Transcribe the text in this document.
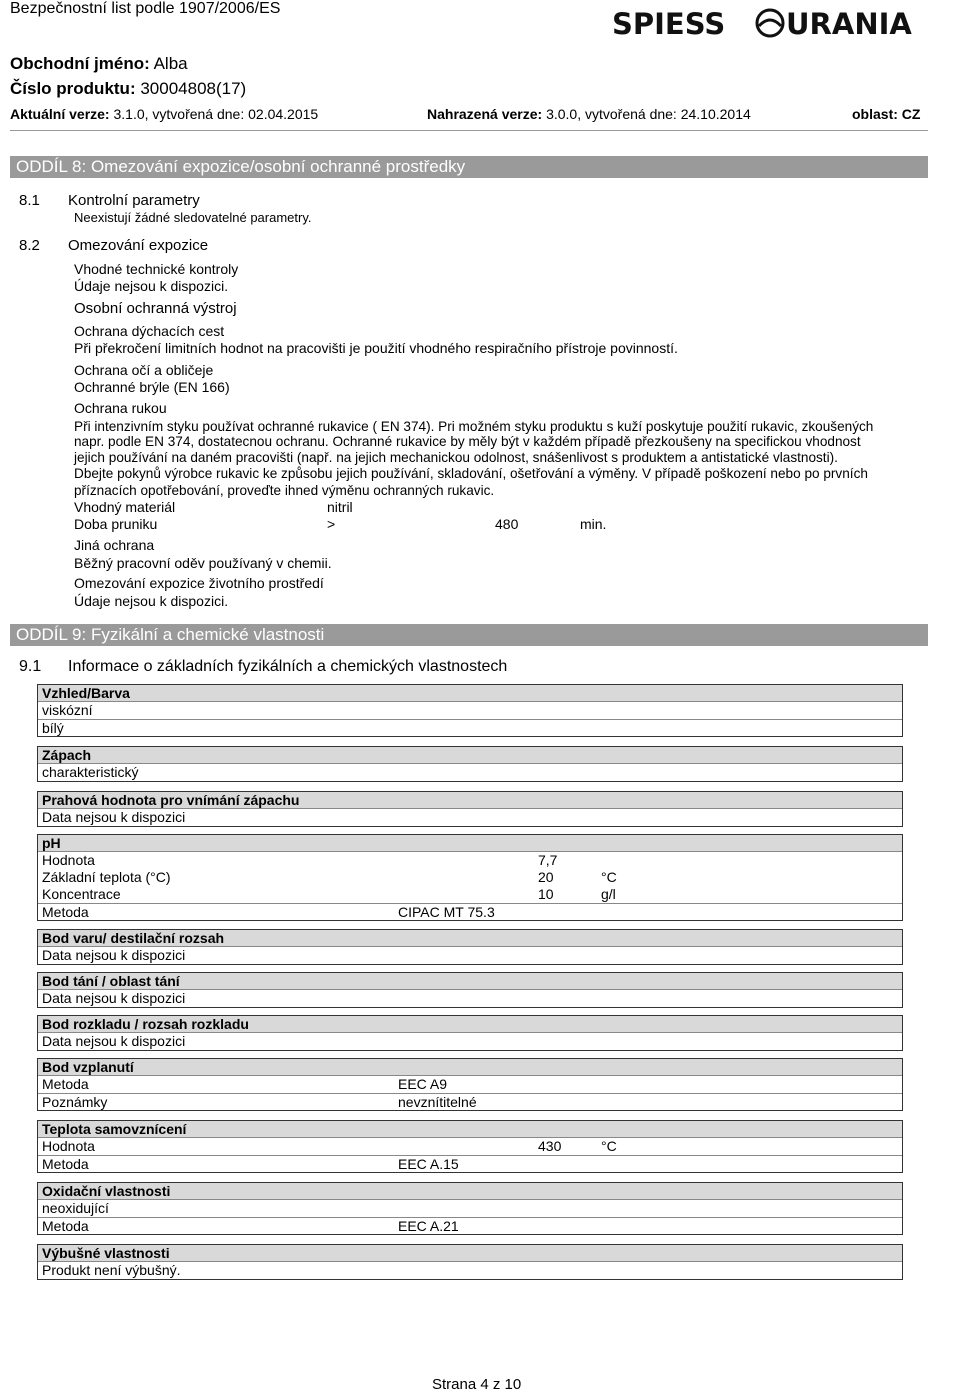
Bezpečnostní list podle 1907/2006/ES	SPIESS URANIA
Obchodní jméno: Alba
Číslo produktu: 30004808(17)
Aktuální verze: 3.1.0, vytvořená dne: 02.04.2015	Nahrazená verze: 3.0.0, vytvořená dne: 24.10.2014	oblast: CZ
ODDÍL 8: Omezování expozice/osobní ochranné prostředky
8.1 Kontrolní parametry
Neexistují žádné sledovatelné parametry.
8.2 Omezování expozice
Vhodné technické kontroly
Údaje nejsou k dispozici.
Osobní ochranná výstroj
Ochrana dýchacích cest
Při překročení limitních hodnot na pracovišti je použití vhodného respiračního přístroje povinností.
Ochrana očí a obličeje
Ochranné brýle (EN 166)
Ochrana rukou
Při intenzivním styku používat ochranné rukavice ( EN 374). Pri možném styku produktu s kuží poskytuje použití rukavic, zkoušených
napr. podle EN 374, dostatecnou ochranu. Ochranné rukavice by měly být v každém případě přezkoušeny na specifickou vhodnost
jejich používání na daném pracovišti (např. na jejich mechanickou odolnost, snášenlivost s produktem a antistatické vlastnosti).
Dbejte pokynů výrobce rukavic ke způsobu jejich používání, skladování, ošetřování a výměny. V případě poškození nebo po prvních
příznacích opotřebování, proveďte ihned výměnu ochranných rukavic.
Vhodný materiál	nitril
Doba pruniku	>	480	min.
Jiná ochrana
Běžný pracovní oděv používaný v chemii.
Omezování expozice životního prostředí
Údaje nejsou k dispozici.
ODDÍL 9: Fyzikální a chemické vlastnosti
9.1 Informace o základních fyzikálních a chemických vlastnostech
Vzhled/Barva
viskózní
bílý
Zápach
charakteristický
Prahová hodnota pro vnímání zápachu
Data nejsou k dispozici
pH
Hodnota	7,7
Základní teplota (°C)	20	°C
Koncentrace	10	g/l
Metoda	CIPAC MT 75.3
Bod varu/ destilační rozsah
Data nejsou k dispozici
Bod tání / oblast tání
Data nejsou k dispozici
Bod rozkladu / rozsah rozkladu
Data nejsou k dispozici
Bod vzplanutí
Metoda	EEC A9
Poznámky	nevznítitelné
Teplota samovznícení
Hodnota	430	°C
Metoda	EEC A.15
Oxidační vlastnosti
neoxidující
Metoda	EEC A.21
Výbušné vlastnosti
Produkt není výbušný.
Strana 4 z 10
